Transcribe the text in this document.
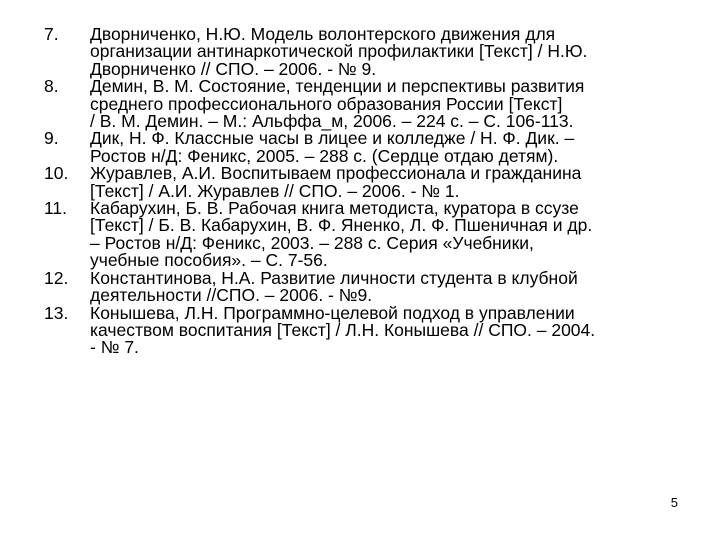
7.	Дворниченко, Н.Ю. Модель волонтерского движения для
организации антинаркотической профилактики [Текст] / Н.Ю.
Дворниченко // СПО. – 2006. - № 9.
8.	Демин, В. М. Состояние, тенденции и перспективы развития
среднего профессионального образования России [Текст]
/ В. М. Демин. – М.: Альффа_м, 2006. – 224 с. – С. 106-113.
9.	Дик, Н. Ф. Классные часы в лицее и колледже / Н. Ф. Дик. –
Ростов н/Д: Феникс, 2005. – 288 с. (Сердце отдаю детям).
10.	Журавлев, А.И. Воспитываем профессионала и гражданина
[Текст] / А.И. Журавлев // СПО. – 2006. - № 1.
11.	Кабарухин, Б. В. Рабочая книга методиста, куратора в ссузе
[Текст] / Б. В. Кабарухин, В. Ф. Яненко, Л. Ф. Пшеничная и др.
– Ростов н/Д: Феникс, 2003. – 288 с. Серия «Учебники,
учебные пособия». – С. 7-56.
12.	Константинова, Н.А. Развитие личности студента в клубной
деятельности //СПО. – 2006. - №9.
13.	Конышева, Л.Н. Программно-целевой подход в управлении
качеством воспитания [Текст] / Л.Н. Конышева // СПО. – 2004.
- № 7.
5
